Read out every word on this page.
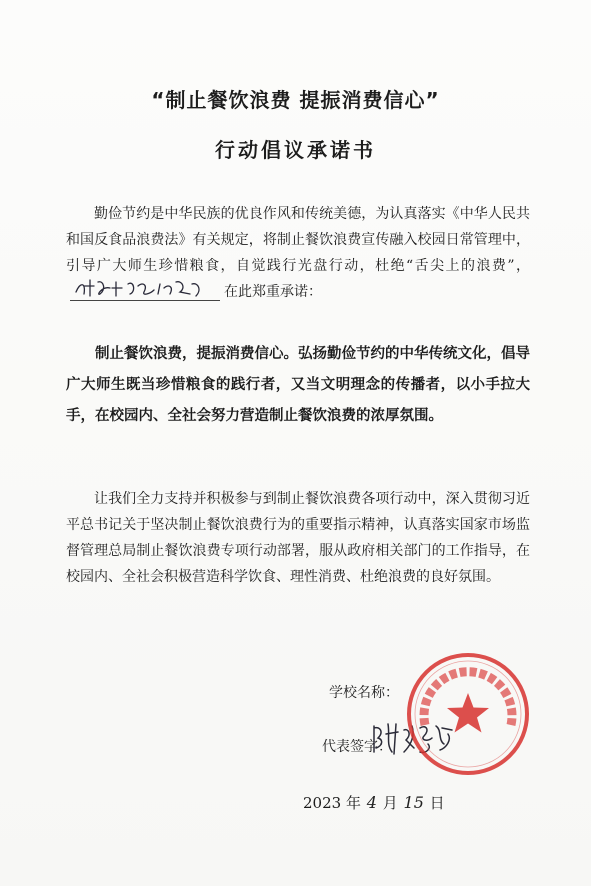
“制止餐饮浪费 提振消费信心”
行动倡议承诺书

勤俭节约是中华民族的优良作风和传统美德，为认真落实《中华人民共和国反食品浪费法》有关规定，将制止餐饮浪费宣传融入校园日常管理中，引导广大师生珍惜粮食，自觉践行光盘行动，杜绝“舌尖上的浪费”，
在此郑重承诺：

制止餐饮浪费，提振消费信心。弘扬勤俭节约的中华传统文化，倡导广大师生既当珍惜粮食的践行者，又当文明理念的传播者，以小手拉大手，在校园内、全社会努力营造制止餐饮浪费的浓厚氛围。

让我们全力支持并积极参与到制止餐饮浪费各项行动中，深入贯彻习近平总书记关于坚决制止餐饮浪费行为的重要指示精神，认真落实国家市场监督管理总局制止餐饮浪费专项行动部署，服从政府相关部门的工作指导，在校园内、全社会积极营造科学饮食、理性消费、杜绝浪费的良好氛围。

学校名称：
代表签字：
2023 年 4 月 15 日
